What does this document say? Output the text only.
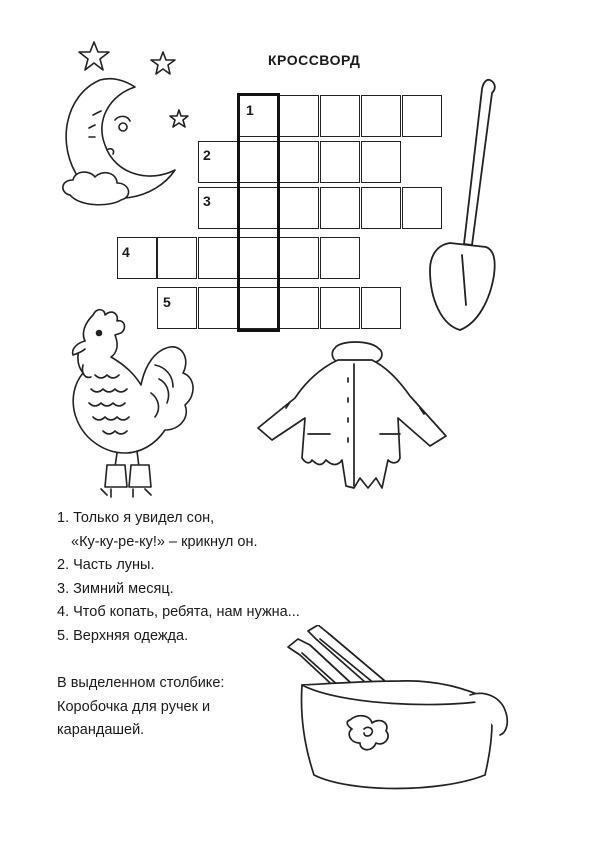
КРОССВОРД
1
2
3
4
5
1. Только я увидел сон,
«Ку-ку-ре-ку!» – крикнул он.
2. Часть луны.
3. Зимний месяц.
4. Чтоб копать, ребята, нам нужна...
5. Верхняя одежда.
В выделенном столбике:
Коробочка для ручек и
карандашей.
